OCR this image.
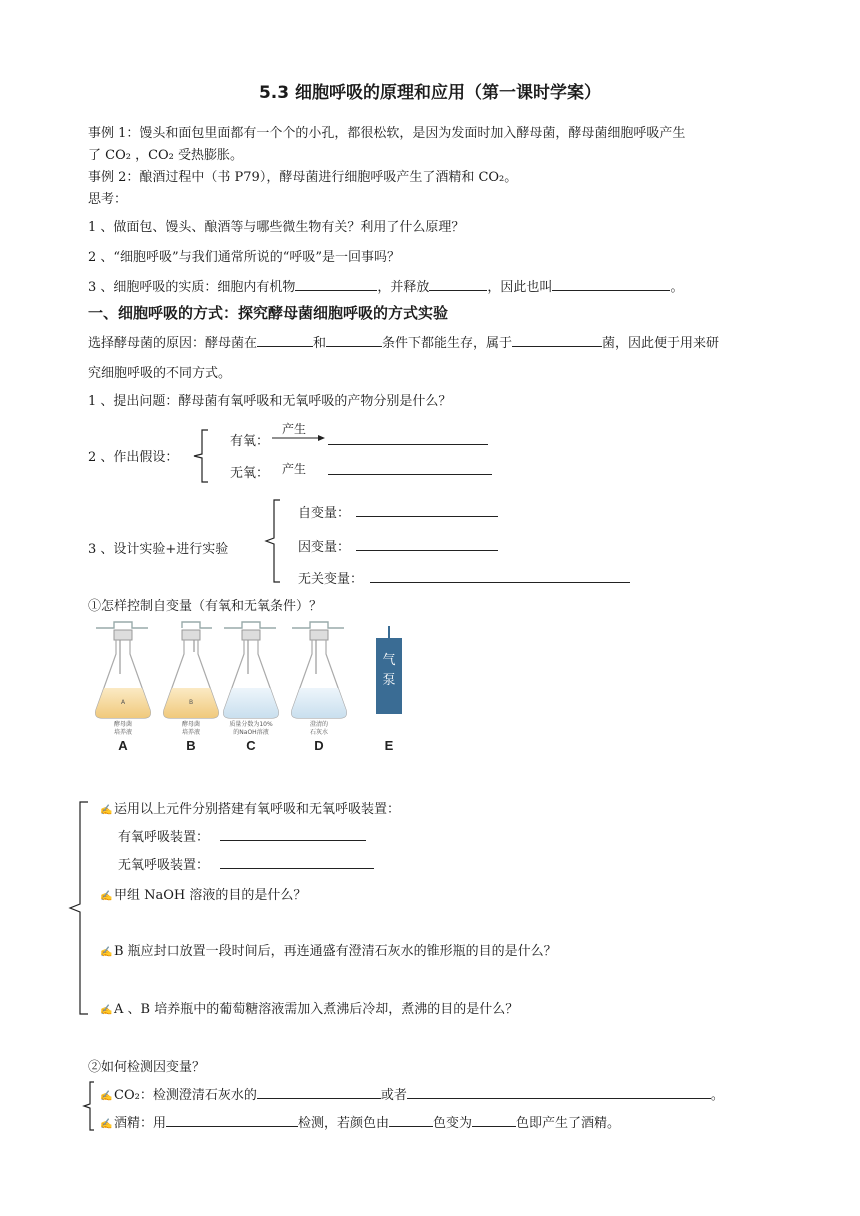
5.3 细胞呼吸的原理和应用（第一课时学案）
事例 1：馒头和面包里面都有一个个的小孔，都很松软，是因为发面时加入酵母菌，酵母菌细胞呼吸产生
了 CO₂ ，CO₂ 受热膨胀。
事例 2：酿酒过程中（书 P79），酵母菌进行细胞呼吸产生了酒精和 CO₂。
思考：
1 、做面包、馒头、酿酒等与哪些微生物有关？利用了什么原理？
2 、“细胞呼吸”与我们通常所说的“呼吸”是一回事吗？
3 、细胞呼吸的实质：细胞内有机物	，并释放	，因此也叫	。
一、细胞呼吸的方式：探究酵母菌细胞呼吸的方式实验
选择酵母菌的原因：酵母菌在	和	条件下都能生存，属于	菌，因此便于用来研
究细胞呼吸的不同方式。
1 、提出问题：酵母菌有氧呼吸和无氧呼吸的产物分别是什么？
2 、作出假设：
有氧：
产生
无氧： 产生
3 、设计实验+进行实验
自变量：
因变量：
无关变量：
①怎样控制自变量（有氧和无氧条件）？
A
酵母菌
培养液
A
B
酵母菌
培养液
B
质量分数为10%
的NaOH溶液
C
澄清的
石灰水
D
气
泵
E
✍ 运用以上元件分别搭建有氧呼吸和无氧呼吸装置：
有氧呼吸装置：
无氧呼吸装置：
✍ 甲组 NaOH 溶液的目的是什么？
✍ B 瓶应封口放置一段时间后，再连通盛有澄清石灰水的锥形瓶的目的是什么？
✍ A 、B 培养瓶中的葡萄糖溶液需加入煮沸后冷却，煮沸的目的是什么？
②如何检测因变量？
✍ CO₂：检测澄清石灰水的	或者	。
✍ 酒精：用	检测，若颜色由	色变为	色即产生了酒精。
